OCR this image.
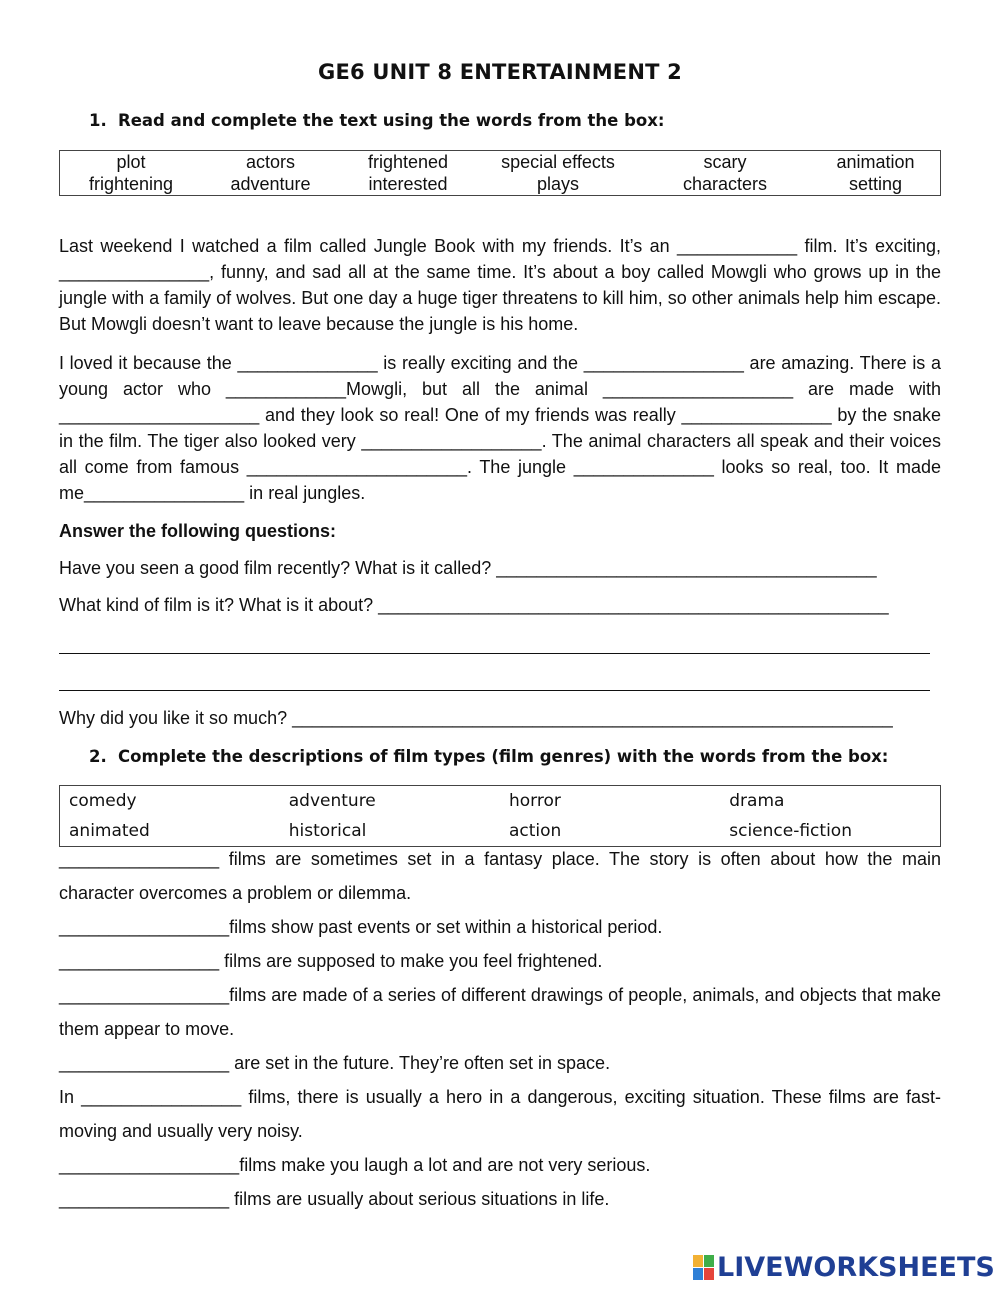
GE6 UNIT 8 ENTERTAINMENT 2
1. Read and complete the text using the words from the box:
plot	actors	frightened	special effects	scary	animation
frightening	adventure	interested	plays	characters	setting
Last weekend I watched a film called Jungle Book with my friends. It’s an ____________ film. It’s exciting, _______________, funny, and sad all at the same time. It’s about a boy called Mowgli who grows up in the jungle with a family of wolves. But one day a huge tiger threatens to kill him, so other animals help him escape. But Mowgli doesn’t want to leave because the jungle is his home.
I loved it because the ______________ is really exciting and the ________________ are amazing. There is a young actor who ____________Mowgli, but all the animal ___________________ are made with ____________________ and they look so real! One of my friends was really _______________ by the snake in the film. The tiger also looked very __________________. The animal characters all speak and their voices all come from famous ______________________. The jungle ______________ looks so real, too. It made me________________ in real jungles.
Answer the following questions:
Have you seen a good film recently? What is it called? ______________________________________
What kind of film is it? What is it about? ___________________________________________________
Why did you like it so much? ____________________________________________________________
2. Complete the descriptions of film types (film genres) with the words from the box:
comedy	adventure	horror	drama
animated	historical	action	science-fiction
________________ films are sometimes set in a fantasy place. The story is often about how the main character overcomes a problem or dilemma.
_________________films show past events or set within a historical period.
________________ films are supposed to make you feel frightened.
_________________films are made of a series of different drawings of people, animals, and objects that make them appear to move.
_________________ are set in the future. They’re often set in space.
In ________________ films, there is usually a hero in a dangerous, exciting situation. These films are fast-moving and usually very noisy.
__________________films make you laugh a lot and are not very serious.
_________________ films are usually about serious situations in life.
LIVEWORKSHEETS
